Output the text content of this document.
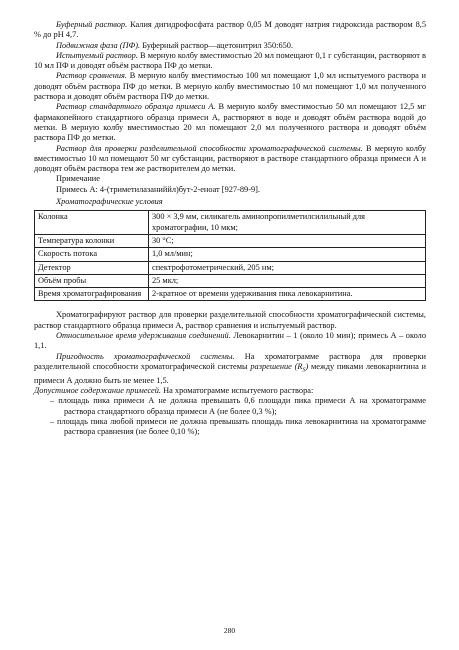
Буферный раствор. Калия дигидрофосфата раствор 0,05 М доводят натрия гидроксида раствором 8,5 % до pH 4,7.

Подвижная фаза (ПФ). Буферный раствор—ацетонитрил 350:650.

Испытуемый раствор. В мерную колбу вместимостью 20 мл помещают 0,1 г субстанции, растворяют в 10 мл ПФ и доводят объём раствора ПФ до метки.

Раствор сравнения. В мерную колбу вместимостью 100 мл помещают 1,0 мл испытуемого раствора и доводят объём раствора ПФ до метки. В мерную колбу вместимостью 10 мл помещают 1,0 мл полученного раствора и доводят объём раствора ПФ до метки.

Раствор стандартного образца примеси А. В мерную колбу вместимостью 50 мл помещают 12,5 мг фармакопейного стандартного образца примеси А, растворяют в воде и доводят объём раствора водой до метки. В мерную колбу вместимостью 20 мл помещают 2,0 мл полученного раствора и доводят объём раствора ПФ до метки.

Раствор для проверки разделительной способности хроматографической системы. В мерную колбу вместимостью 10 мл помещают 50 мг субстанции, растворяют в растворе стандартного образца примеси А и доводят объём раствора тем же растворителем до метки.

Примечание

Примесь А: 4-(триметилазаниййл)бут-2-еноат [927-89-9].

Хроматографические условия

Колонка	300 × 3,9 мм, силикагель аминопропилметилсилильный для хроматографии, 10 мкм;
Температура колонки	30 °C;
Скорость потока	1,0 мл/мин;
Детектор	спектрофотометрический, 205 нм;
Объём пробы	25 мкл;
Время хроматографирования	2-кратное от времени удерживания пика левокарнитина.

Хроматографируют раствор для проверки разделительной способности хроматографической системы, раствор стандартного образца примеси А, раствор сравнения и испытуемый раствор.

Относительное время удерживания соединений. Левокарнитин – 1 (около 10 мин); примесь А – около 1,1.

Пригодность хроматографической системы. На хроматограмме раствора для проверки разделительной способности хроматографической системы разрешение $(R_S)$ между пиками левокарнитина и примеси А должно быть не менее 1,5.

Допустимое содержание примесей. На хроматограмме испытуемого раствора:

– площадь пика примеси А не должна превышать 0,6 площади пика примеси А на хроматограмме раствора стандартного образца примеси А (не более 0,3 %);

– площадь пика любой примеси не должна превышать площадь пика левокарнитина на хроматограмме раствора сравнения (не более 0,10 %);

280
